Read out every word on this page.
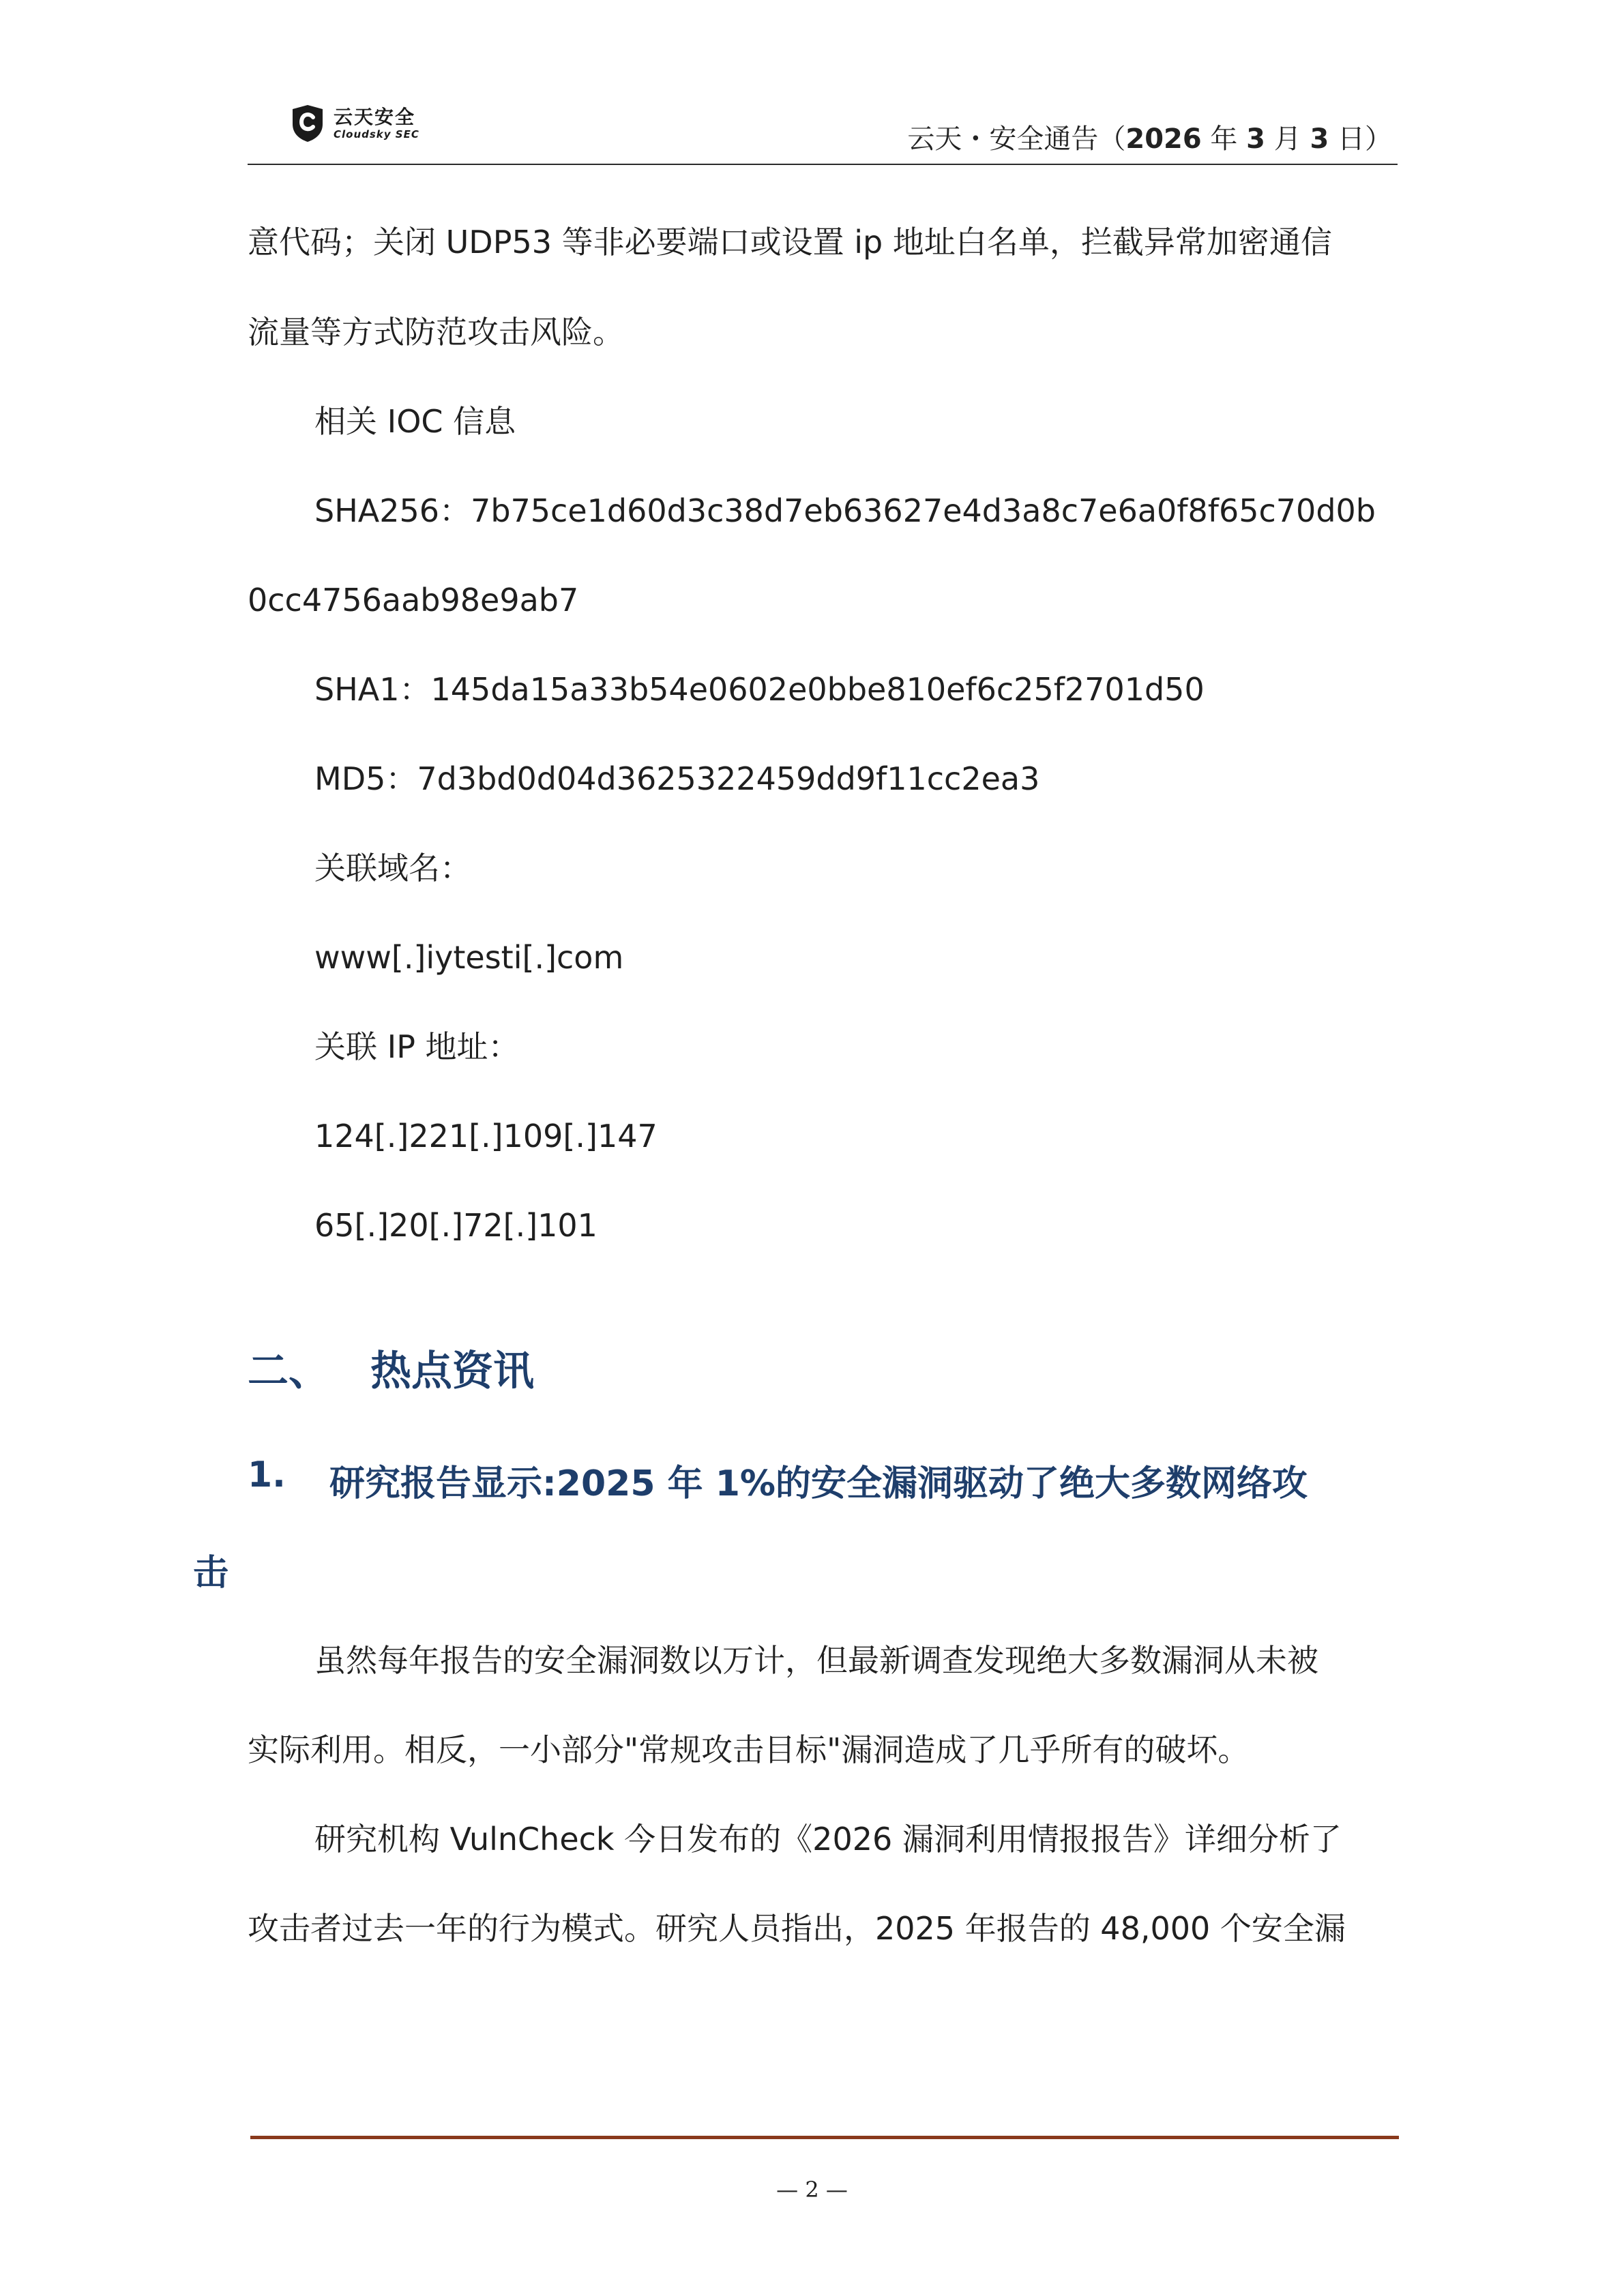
云天安全
Cloudsky SEC	云天・安全通告（2026 年 3 月 3 日）
意代码；关闭 UDP53 等非必要端口或设置 ip 地址白名单，拦截异常加密通信
流量等方式防范攻击风险。
相关 IOC 信息
SHA256：7b75ce1d60d3c38d7eb63627e4d3a8c7e6a0f8f65c70d0b
0cc4756aab98e9ab7
SHA1：145da15a33b54e0602e0bbe810ef6c25f2701d50
MD5：7d3bd0d04d3625322459dd9f11cc2ea3
关联域名：
www[.]iytesti[.]com
关联 IP 地址：
124[.]221[.]109[.]147
65[.]20[.]72[.]101
二、 热点资讯
1. 研究报告显示:2025 年 1%的安全漏洞驱动了绝大多数网络攻
击
虽然每年报告的安全漏洞数以万计，但最新调查发现绝大多数漏洞从未被
实际利用。相反，一小部分"常规攻击目标"漏洞造成了几乎所有的破坏。
研究机构 VulnCheck 今日发布的《2026 漏洞利用情报报告》详细分析了
攻击者过去一年的行为模式。研究人员指出，2025 年报告的 48,000 个安全漏
— 2 —
